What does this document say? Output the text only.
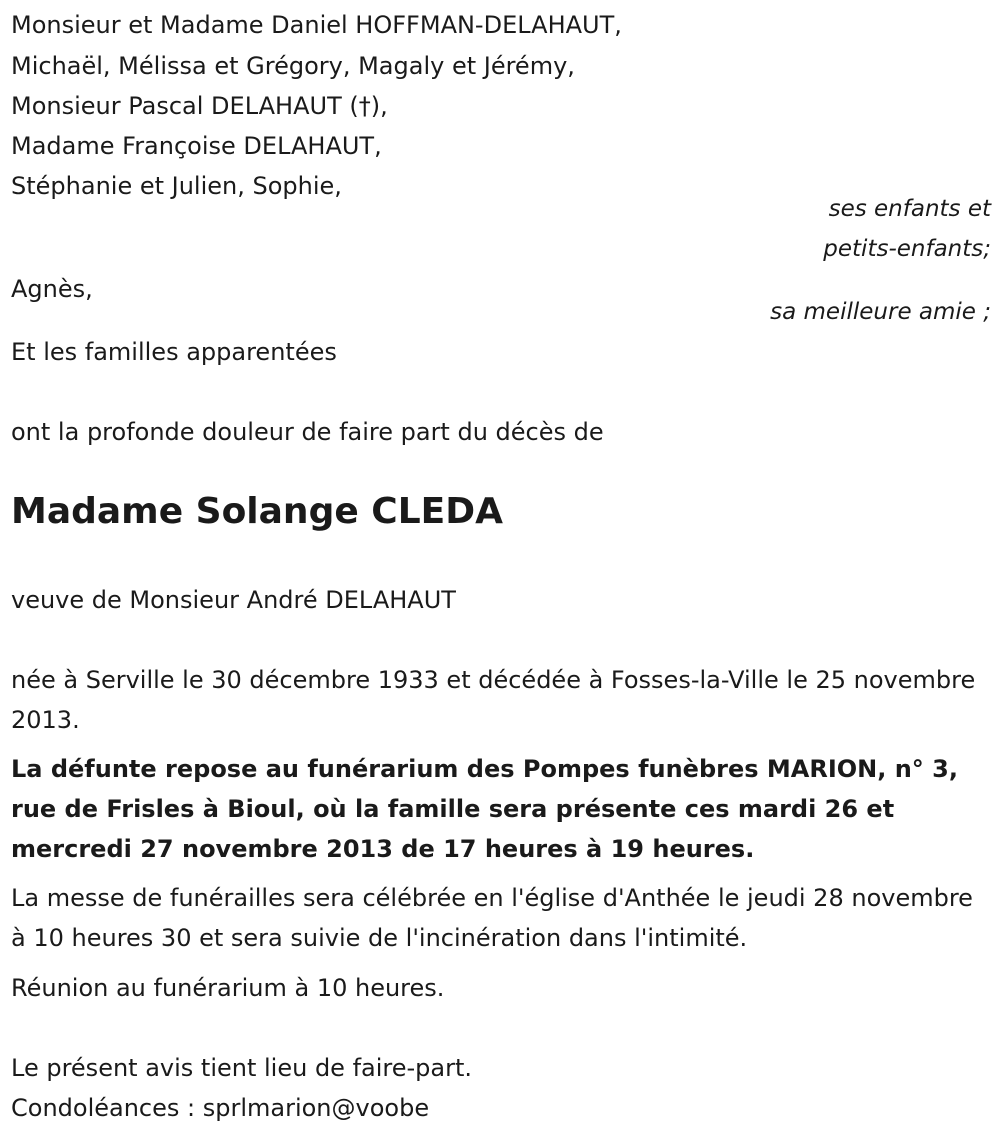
Monsieur et Madame Daniel HOFFMAN-DELAHAUT,

Michaël, Mélissa et Grégory, Magaly et Jérémy,

Monsieur Pascal DELAHAUT (†),

Madame Françoise DELAHAUT,

Stéphanie et Julien, Sophie,

ses enfants et
petits-enfants;

Agnès,

sa meilleure amie ;

Et les familles apparentées

ont la profonde douleur de faire part du décès de

Madame Solange CLEDA

veuve de Monsieur André DELAHAUT

née à Serville le 30 décembre 1933 et décédée à Fosses-la-Ville le 25 novembre 2013.
La défunte repose au funérarium des Pompes funèbres MARION, n° 3, rue de Frisles à Bioul, où la famille sera présente ces mardi 26 et mercredi 27 novembre 2013 de 17 heures à 19 heures.
La messe de funérailles sera célébrée en l'église d'Anthée le jeudi 28 novembre à 10 heures 30 et sera suivie de l'incinération dans l'intimité.

Réunion au funérarium à 10 heures.

Le présent avis tient lieu de faire-part.

Condoléances : sprlmarion@voobe
